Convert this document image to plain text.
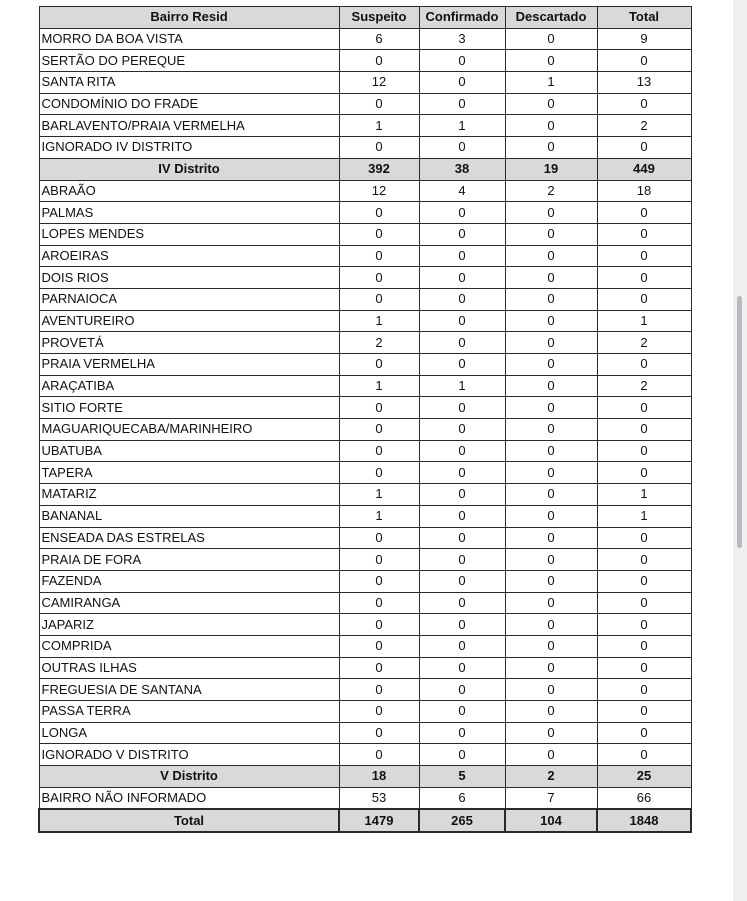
Bairro Resid	Suspeito	Confirmado	Descartado	Total
MORRO DA BOA VISTA	6	3	0	9
SERTÃO DO PEREQUE	0	0	0	0
SANTA RITA	12	0	1	13
CONDOMÍNIO DO FRADE	0	0	0	0
BARLAVENTO/PRAIA VERMELHA	1	1	0	2
IGNORADO IV DISTRITO	0	0	0	0
IV Distrito	392	38	19	449
ABRAÃO	12	4	2	18
PALMAS	0	0	0	0
LOPES MENDES	0	0	0	0
AROEIRAS	0	0	0	0
DOIS RIOS	0	0	0	0
PARNAIOCA	0	0	0	0
AVENTUREIRO	1	0	0	1
PROVETÁ	2	0	0	2
PRAIA VERMELHA	0	0	0	0
ARAÇATIBA	1	1	0	2
SITIO FORTE	0	0	0	0
MAGUARIQUECABA/MARINHEIRO	0	0	0	0
UBATUBA	0	0	0	0
TAPERA	0	0	0	0
MATARIZ	1	0	0	1
BANANAL	1	0	0	1
ENSEADA DAS ESTRELAS	0	0	0	0
PRAIA DE FORA	0	0	0	0
FAZENDA	0	0	0	0
CAMIRANGA	0	0	0	0
JAPARIZ	0	0	0	0
COMPRIDA	0	0	0	0
OUTRAS ILHAS	0	0	0	0
FREGUESIA DE SANTANA	0	0	0	0
PASSA TERRA	0	0	0	0
LONGA	0	0	0	0
IGNORADO V DISTRITO	0	0	0	0
V Distrito	18	5	2	25
BAIRRO NÃO INFORMADO	53	6	7	66
Total	1479	265	104	1848
